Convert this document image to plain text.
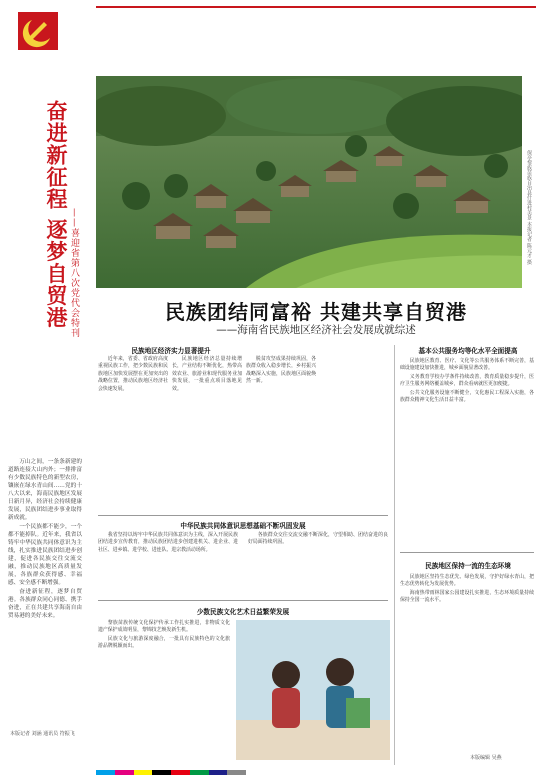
奋进新征程 逐梦自贸港 ——喜迎省第八次党代会特刊

万山之间，一条条新建的道路连接大山内外；一排排富有少数民族特色的新型农房，镶嵌在绿水青山间……党的十八大以来，海南民族地区发展日新月异，经济社会持续健康发展，民族团结进步事业取得新成就。

一个民族都不能少，一个都不能掉队。近年来，我省以铸牢中华民族共同体意识为主线，扎实推进民族团结进步创建，促进各民族交往交流交融，推动民族地区高质量发展，各族群众获得感、幸福感、安全感不断增强。

奋进新征程，逐梦自贸港。各族群众同心同德、携手奋进，正在共建共享海南自由贸易港的美好未来。

本版记者 刘涵 通讯员 符振飞
保亭黎族苗族自治县什进村美景 本报记者 陈元才 摄
民族团结同富裕 共建共享自贸港
——海南省民族地区经济社会发展成就综述
民族地区经济实力显著提升

近年来，省委、省政府高度重视民族工作，把少数民族和民族地区加快发展摆在更加突出的战略位置，推动民族地区经济社会快速发展。

民族地区经济总量持续增长，产业结构不断优化，热带高效农业、旅游业和现代服务业加快发展，一批重点项目落地见效。

脱贫攻坚成果持续巩固，各族群众收入稳步增长，乡村振兴战略深入实施，民族地区面貌焕然一新。

中华民族共同体意识思想基础不断巩固发展

我省坚持以铸牢中华民族共同体意识为主线，深入开展民族团结进步宣传教育，推动民族团结进步创建进机关、进企业、进社区、进乡镇、进学校、进连队、进宗教活动场所。

各族群众交往交流交融不断深化，守望相助、团结奋进的良好局面持续巩固。

少数民族文化艺术日益繁荣发展

黎族苗族传统文化保护传承工作扎实推进，非物质文化遗产保护成效明显，黎锦技艺焕发新生机。

民族文化与旅游深度融合，一批具有民族特色的文化旅游品牌脱颖而出。

基本公共服务均等化水平全面提高

民族地区教育、医疗、文化等公共服务体系不断完善，基础设施建设加快推进，城乡面貌显著改善。

义务教育学校办学条件持续改善，教育质量稳步提升，医疗卫生服务网络覆盖城乡，群众看病就医更加便捷。

公共文化服务设施不断健全，文化惠民工程深入实施，各族群众精神文化生活日益丰富。

民族地区保持一流的生态环境

民族地区坚持生态优先、绿色发展，守护好绿水青山，把生态优势转化为发展优势。

海南热带雨林国家公园建设扎实推进，生态环境质量持续保持全国一流水平。

本版编辑 吴燕
